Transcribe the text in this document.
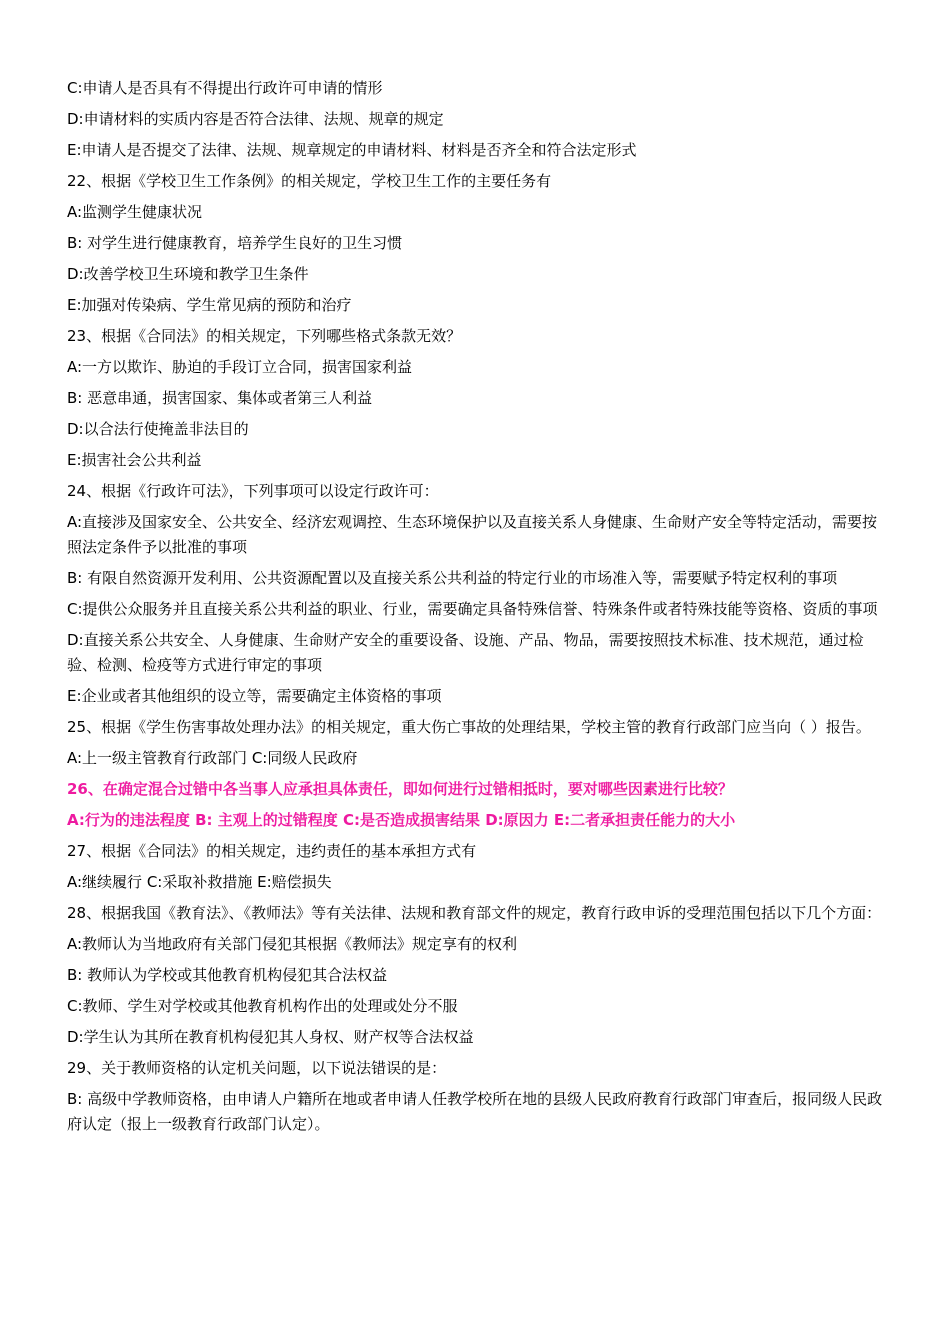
C:申请人是否具有不得提出行政许可申请的情形

D:申请材料的实质内容是否符合法律、法规、规章的规定

E:申请人是否提交了法律、法规、规章规定的申请材料、材料是否齐全和符合法定形式

22、根据《学校卫生工作条例》的相关规定，学校卫生工作的主要任务有

A:监测学生健康状况

B: 对学生进行健康教育，培养学生良好的卫生习惯

D:改善学校卫生环境和教学卫生条件

E:加强对传染病、学生常见病的预防和治疗

23、根据《合同法》的相关规定，下列哪些格式条款无效？

A:一方以欺诈、胁迫的手段订立合同，损害国家利益

B: 恶意串通，损害国家、集体或者第三人利益

D:以合法行使掩盖非法目的

E:损害社会公共利益

24、根据《行政许可法》，下列事项可以设定行政许可：

A:直接涉及国家安全、公共安全、经济宏观调控、生态环境保护以及直接关系人身健康、生命财产安全等特定活动，需要按照法定条件予以批准的事项

B: 有限自然资源开发利用、公共资源配置以及直接关系公共利益的特定行业的市场准入等，需要赋予特定权利的事项

C:提供公众服务并且直接关系公共利益的职业、行业，需要确定具备特殊信誉、特殊条件或者特殊技能等资格、资质的事项

D:直接关系公共安全、人身健康、生命财产安全的重要设备、设施、产品、物品，需要按照技术标准、技术规范，通过检验、检测、检疫等方式进行审定的事项

E:企业或者其他组织的设立等，需要确定主体资格的事项

25、根据《学生伤害事故处理办法》的相关规定，重大伤亡事故的处理结果，学校主管的教育行政部门应当向（ ）报告。

A:上一级主管教育行政部门 C:同级人民政府

26、在确定混合过错中各当事人应承担具体责任，即如何进行过错相抵时，要对哪些因素进行比较？

A:行为的违法程度 B: 主观上的过错程度 C:是否造成损害结果 D:原因力 E:二者承担责任能力的大小

27、根据《合同法》的相关规定，违约责任的基本承担方式有

A:继续履行 C:采取补救措施 E:赔偿损失

28、根据我国《教育法》、《教师法》等有关法律、法规和教育部文件的规定，教育行政申诉的受理范围包括以下几个方面：

A:教师认为当地政府有关部门侵犯其根据《教师法》规定享有的权利

B: 教师认为学校或其他教育机构侵犯其合法权益

C:教师、学生对学校或其他教育机构作出的处理或处分不服

D:学生认为其所在教育机构侵犯其人身权、财产权等合法权益

29、关于教师资格的认定机关问题，以下说法错误的是：

B: 高级中学教师资格，由申请人户籍所在地或者申请人任教学校所在地的县级人民政府教育行政部门审查后，报同级人民政府认定（报上一级教育行政部门认定）。
